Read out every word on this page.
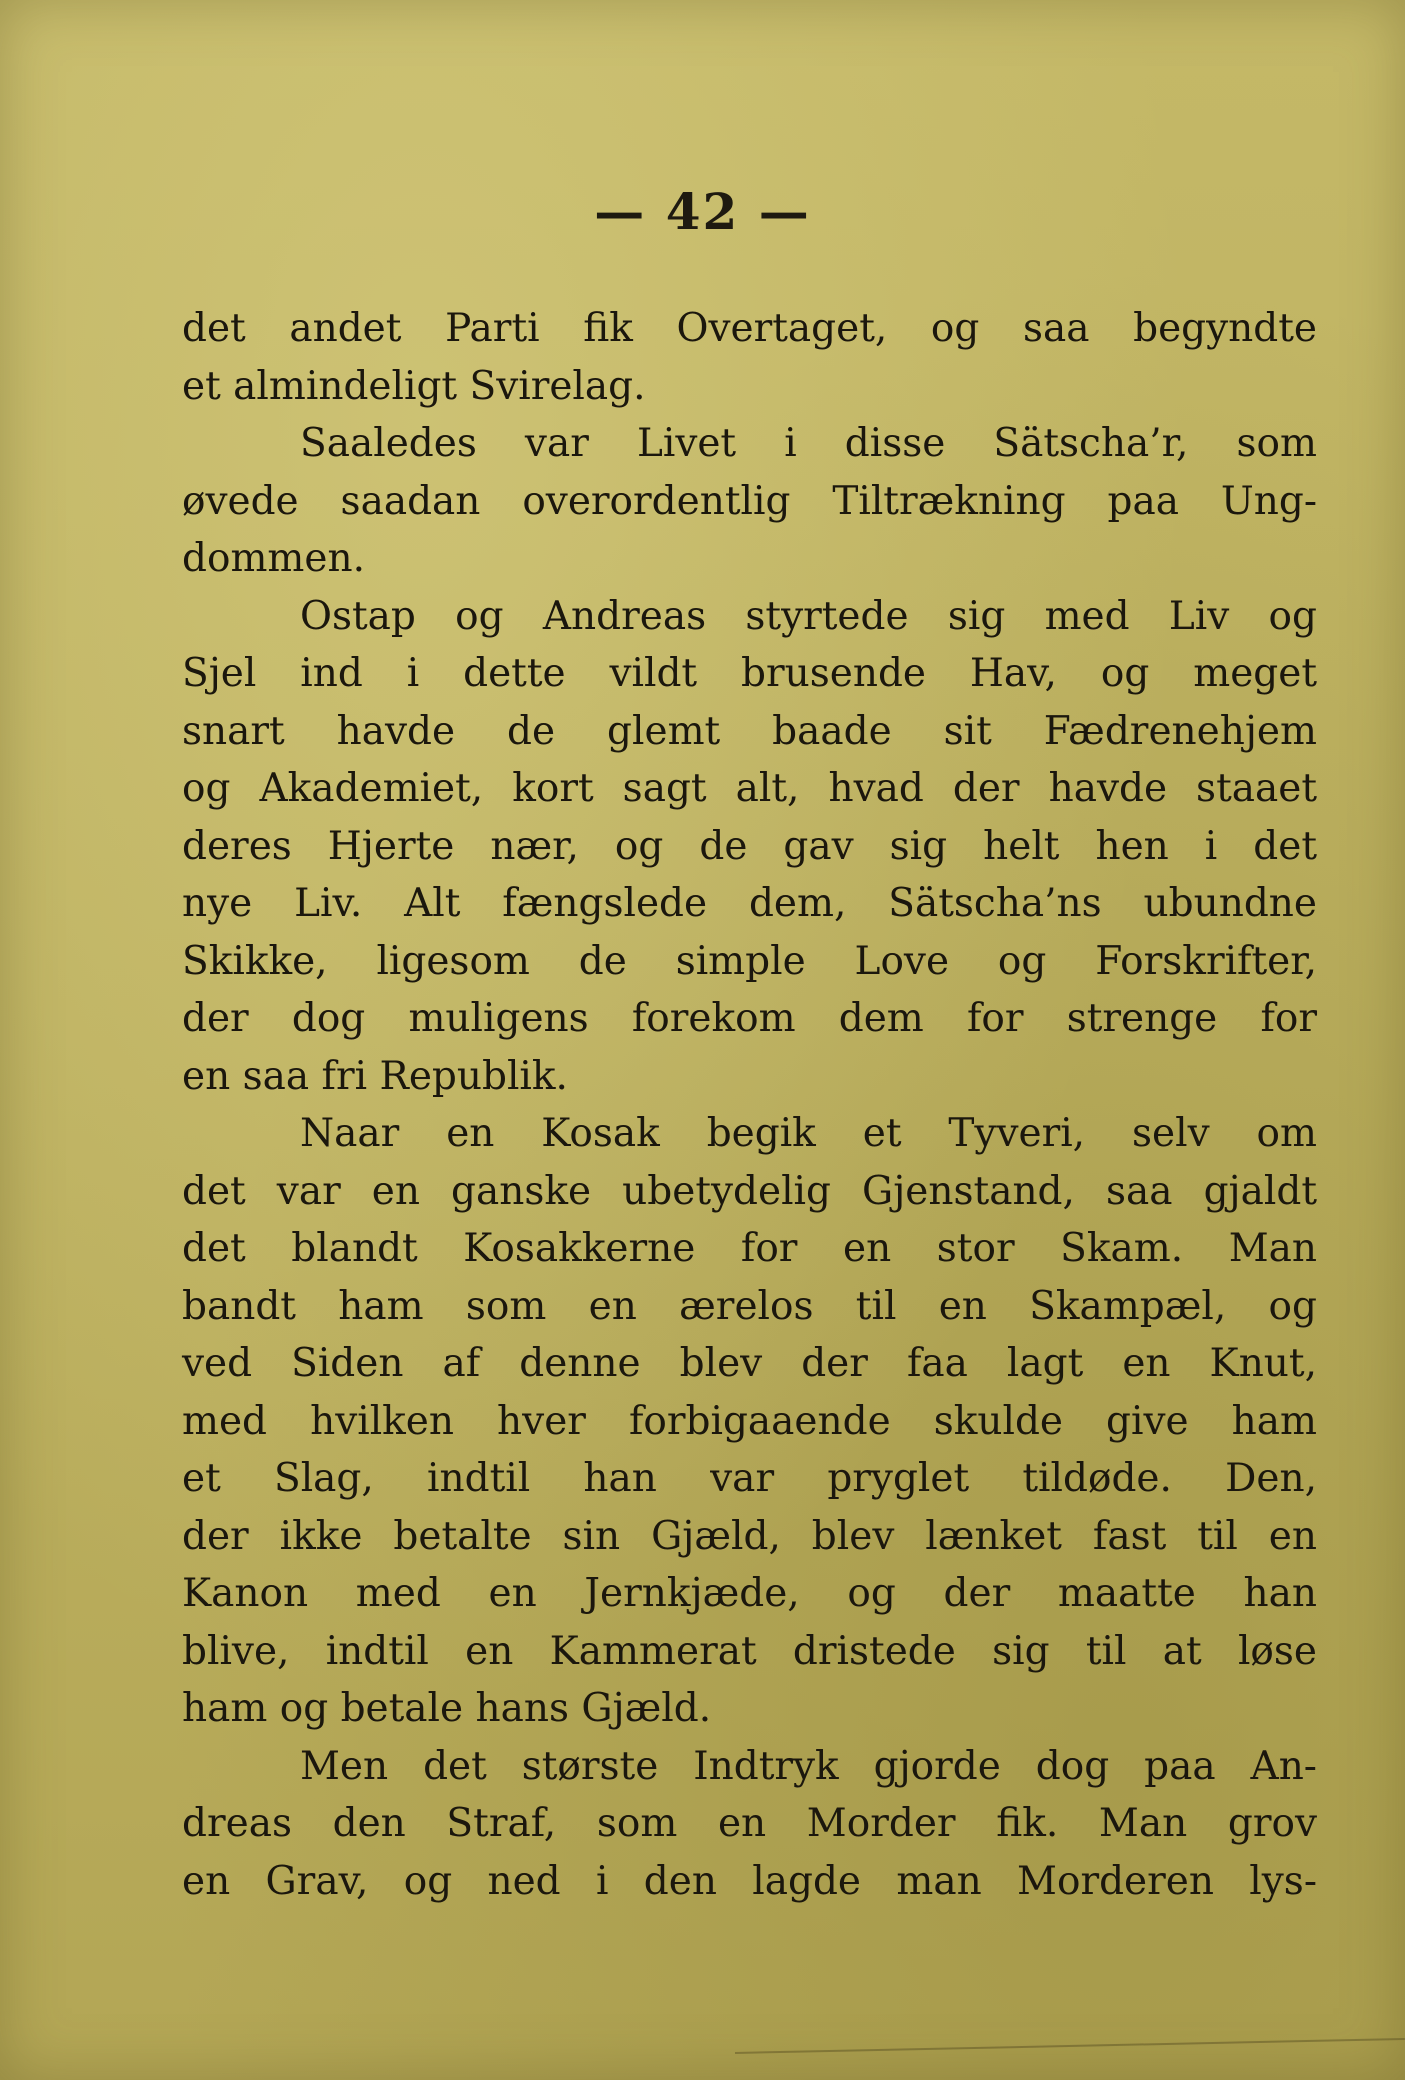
— 42 —
det andet Parti fik Overtaget, og saa begyndte
et almindeligt Svirelag.
Saaledes var Livet i disse Sätscha’r, som
øvede saadan overordentlig Tiltrækning paa Ung-
dommen.
Ostap og Andreas styrtede sig med Liv og
Sjel ind i dette vildt brusende Hav, og meget
snart havde de glemt baade sit Fædrenehjem
og Akademiet, kort sagt alt, hvad der havde staaet
deres Hjerte nær, og de gav sig helt hen i det
nye Liv. Alt fængslede dem, Sätscha’ns ubundne
Skikke, ligesom de simple Love og Forskrifter,
der dog muligens forekom dem for strenge for
en saa fri Republik.
Naar en Kosak begik et Tyveri, selv om
det var en ganske ubetydelig Gjenstand, saa gjaldt
det blandt Kosakkerne for en stor Skam. Man
bandt ham som en ærelos til en Skampæl, og
ved Siden af denne blev der faa lagt en Knut,
med hvilken hver forbigaaende skulde give ham
et Slag, indtil han var pryglet tildøde. Den,
der ikke betalte sin Gjæld, blev lænket fast til en
Kanon med en Jernkjæde, og der maatte han
blive, indtil en Kammerat dristede sig til at løse
ham og betale hans Gjæld.
Men det største Indtryk gjorde dog paa An-
dreas den Straf, som en Morder fik. Man grov
en Grav, og ned i den lagde man Morderen lys-
